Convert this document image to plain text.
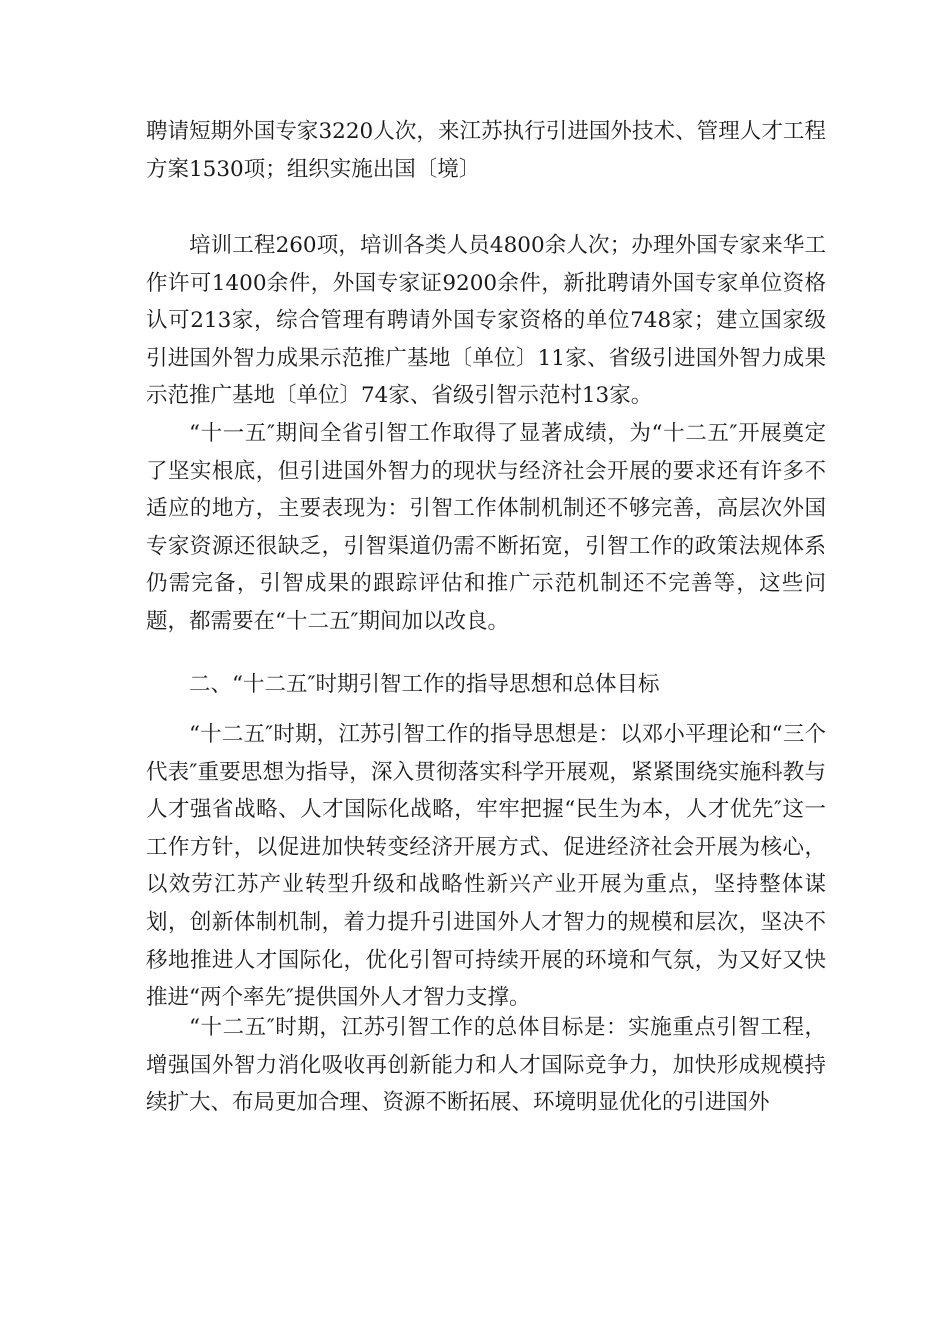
聘请短期外国专家3220人次，来江苏执行引进国外技术、管理人才工程方案1530项；组织实施出国〔境〕

培训工程260项，培训各类人员4800余人次；办理外国专家来华工作许可1400余件，外国专家证9200余件，新批聘请外国专家单位资格认可213家，综合管理有聘请外国专家资格的单位748家；建立国家级引进国外智力成果示范推广基地〔单位〕11家、省级引进国外智力成果示范推广基地〔单位〕74家、省级引智示范村13家。

“十一五″期间全省引智工作取得了显著成绩，为“十二五″开展奠定了坚实根底，但引进国外智力的现状与经济社会开展的要求还有许多不适应的地方，主要表现为：引智工作体制机制还不够完善，高层次外国专家资源还很缺乏，引智渠道仍需不断拓宽，引智工作的政策法规体系仍需完备，引智成果的跟踪评估和推广示范机制还不完善等，这些问题，都需要在“十二五″期间加以改良。

二、“十二五″时期引智工作的指导思想和总体目标

“十二五″时期，江苏引智工作的指导思想是：以邓小平理论和“三个代表″重要思想为指导，深入贯彻落实科学开展观，紧紧围绕实施科教与人才强省战略、人才国际化战略，牢牢把握“民生为本，人才优先″这一工作方针，以促进加快转变经济开展方式、促进经济社会开展为核心，以效劳江苏产业转型升级和战略性新兴产业开展为重点，坚持整体谋划，创新体制机制，着力提升引进国外人才智力的规模和层次，坚决不移地推进人才国际化，优化引智可持续开展的环境和气氛，为又好又快推进“两个率先″提供国外人才智力支撑。

“十二五″时期，江苏引智工作的总体目标是：实施重点引智工程，增强国外智力消化吸收再创新能力和人才国际竞争力，加快形成规模持续扩大、布局更加合理、资源不断拓展、环境明显优化的引进国外
